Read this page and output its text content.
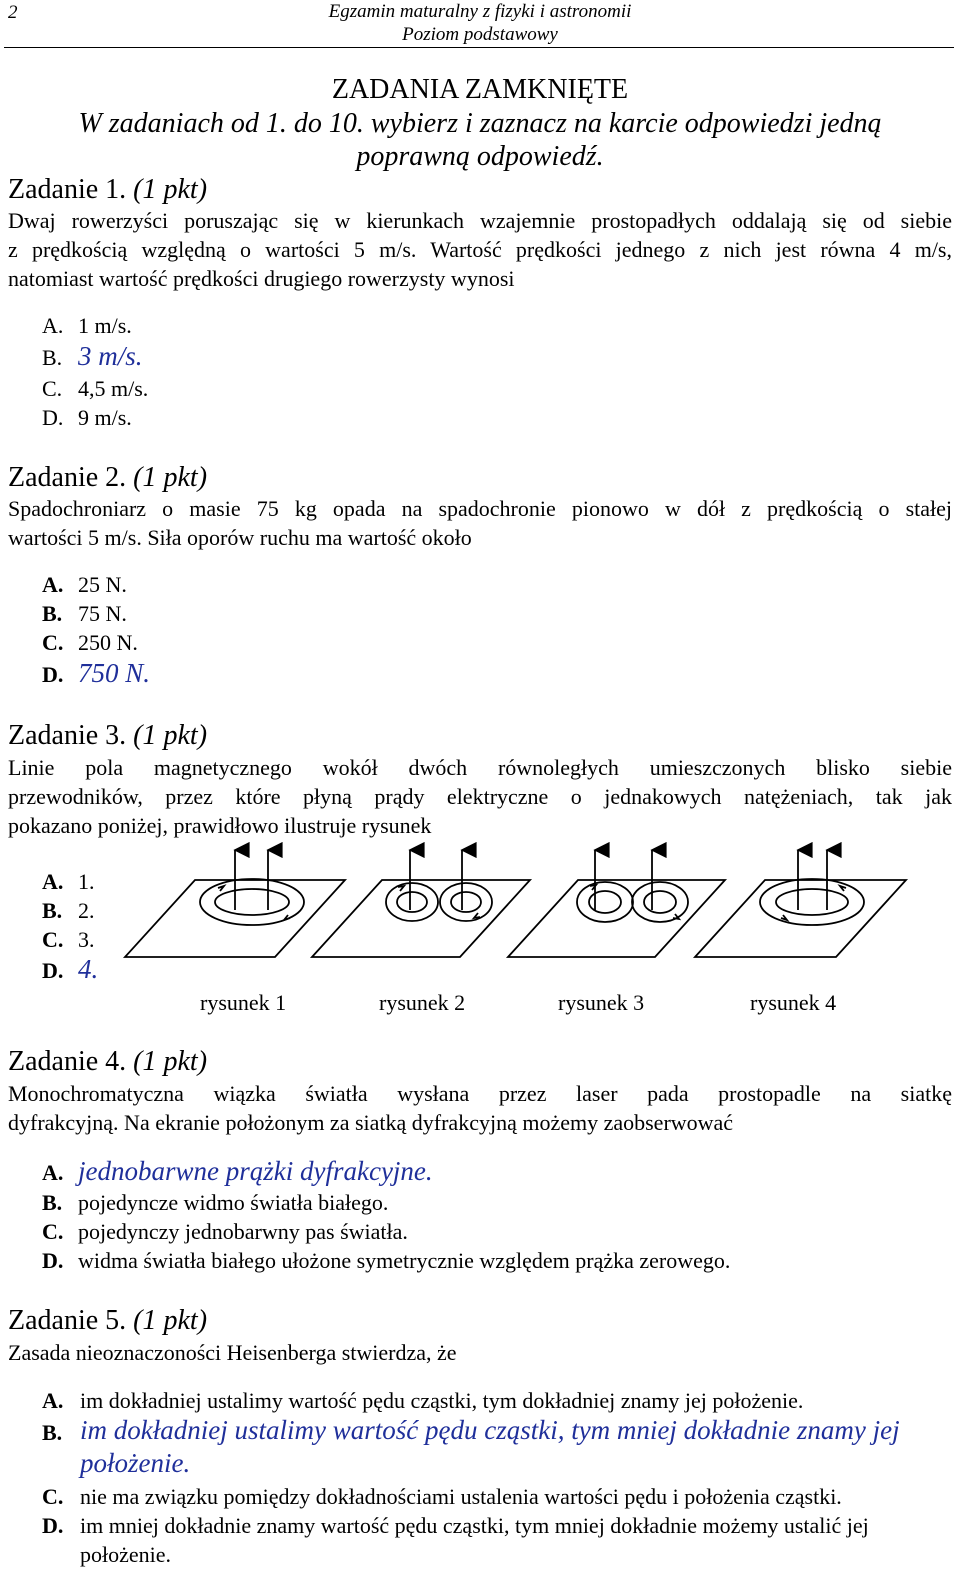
2	Egzamin maturalny z fizyki i astronomii
Poziom podstawowy
ZADANIA ZAMKNIĘTE
W zadaniach od 1. do 10. wybierz i zaznacz na karcie odpowiedzi jedną
poprawną odpowiedź.
Zadanie 1. (1 pkt)
Dwaj rowerzyści poruszając się w kierunkach wzajemnie prostopadłych oddalają się od siebie
z prędkością względną o wartości 5 m/s. Wartość prędkości jednego z nich jest równa 4 m/s,
natomiast wartość prędkości drugiego rowerzysty wynosi
A. 1 m/s.
B. 3 m/s.
C. 4,5 m/s.
D. 9 m/s.
Zadanie 2. (1 pkt)
Spadochroniarz o masie 75 kg opada na spadochronie pionowo w dół z prędkością o stałej
wartości 5 m/s. Siła oporów ruchu ma wartość około
A. 25 N.
B. 75 N.
C. 250 N.
D. 750 N.
Zadanie 3. (1 pkt)
Linie pola magnetycznego wokół dwóch równoległych umieszczonych blisko siebie
przewodników, przez które płyną prądy elektryczne o jednakowych natężeniach, tak jak
pokazano poniżej, prawidłowo ilustruje rysunek
A. 1.
B. 2.
C. 3.
D. 4.
rysunek 1	rysunek 2	rysunek 3	rysunek 4
Zadanie 4. (1 pkt)
Monochromatyczna wiązka światła wysłana przez laser pada prostopadle na siatkę
dyfrakcyjną. Na ekranie położonym za siatką dyfrakcyjną możemy zaobserwować
A. jednobarwne prążki dyfrakcyjne.
B. pojedyncze widmo światła białego.
C. pojedynczy jednobarwny pas światła.
D. widma światła białego ułożone symetrycznie względem prążka zerowego.
Zadanie 5. (1 pkt)
Zasada nieoznaczoności Heisenberga stwierdza, że
A. im dokładniej ustalimy wartość pędu cząstki, tym dokładniej znamy jej położenie.
B. im dokładniej ustalimy wartość pędu cząstki, tym mniej dokładnie znamy jej położenie.
C. nie ma związku pomiędzy dokładnościami ustalenia wartości pędu i położenia cząstki.
D. im mniej dokładnie znamy wartość pędu cząstki, tym mniej dokładnie możemy ustalić jej położenie.
